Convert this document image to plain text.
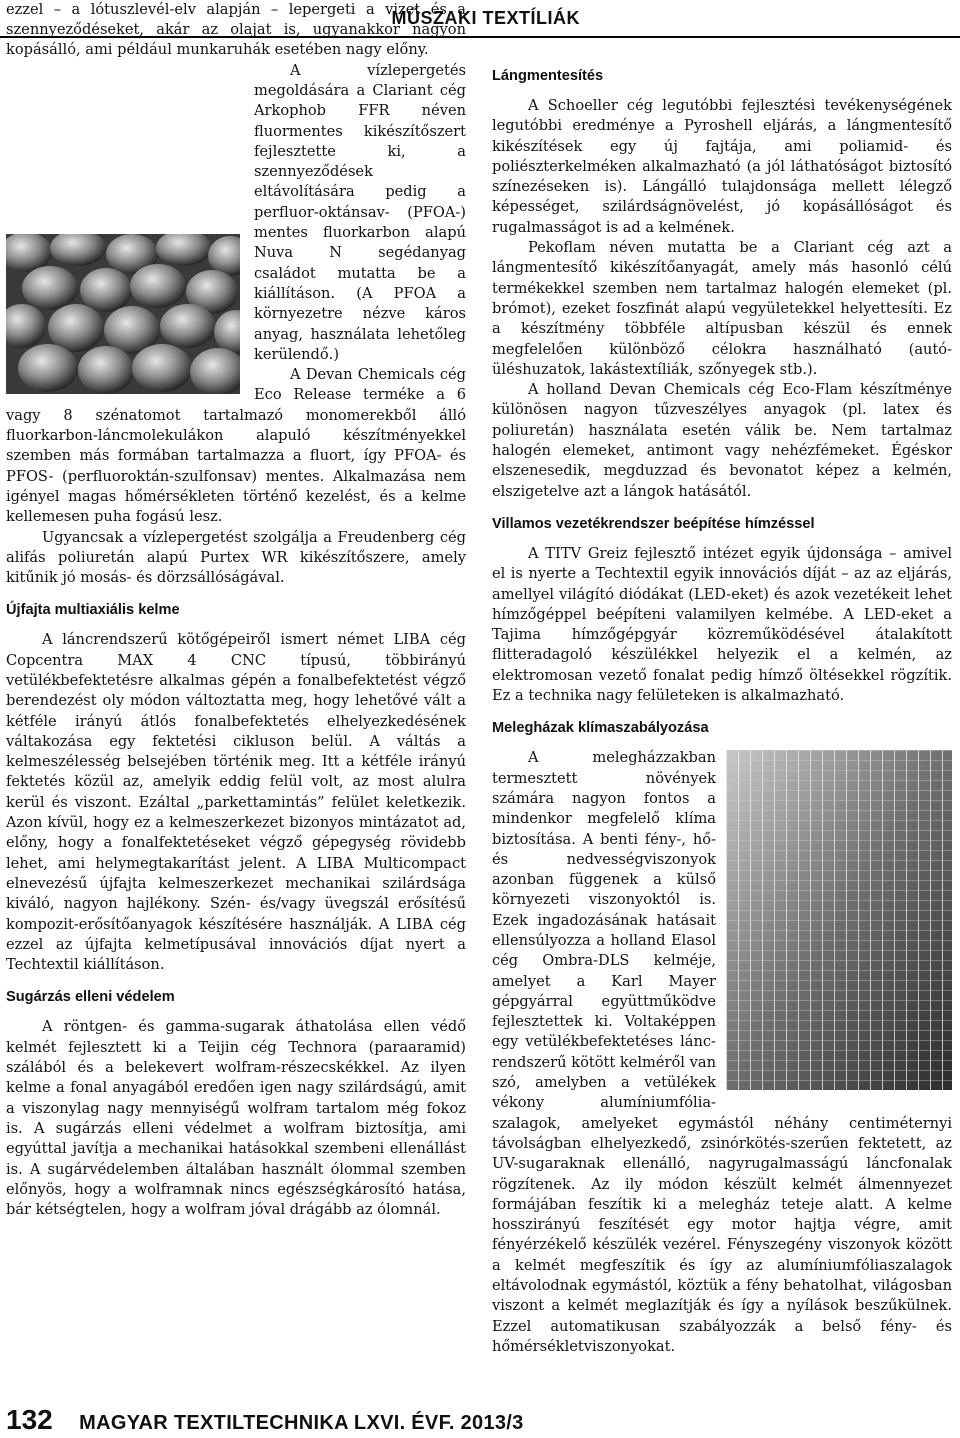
MŰSZAKI TEXTÍLIÁK

ezzel – a lótuszlevél-elv alapján – lepergeti a vizet és a szennyeződéseket, akár az olajat is, ugyanakkor nagyon kopásálló, ami például munkaruhák esetében nagy előny.

A vízlepergetés megoldására a Clariant cég Arkophob FFR néven fluormentes kikészítőszert fejlesztette ki, a szennyeződések eltávolítására pedig a perfluor-oktánsav- (PFOA-) mentes fluorkarbon alapú Nuva N segédanyag családot mutatta be a kiállításon. (A PFOA a környezetre nézve káros anyag, használata lehetőleg kerülendő.)

A Devan Chemicals cég Eco Release terméke a 6 vagy 8 szénatomot tartalmazó monomerekből álló fluorkarbon-láncmolekulákon alapuló készítményekkel szemben más formában tartalmazza a fluort, így PFOA- és PFOS- (perfluoroktán-szulfonsav) mentes. Alkalmazása nem igényel magas hőmérsékleten történő kezelést, és a kelme kellemesen puha fogású lesz.

Ugyancsak a vízlepergetést szolgálja a Freudenberg cég alifás poliuretán alapú Purtex WR kikészítőszere, amely kitűnik jó mosás- és dörzsállóságával.

Újfajta multiaxiális kelme

A láncrendszerű kötőgépeiről ismert német LIBA cég Copcentra MAX 4 CNC típusú, többirányú vetülékbefektetésre alkalmas gépén a fonalbefektetést végző berendezést oly módon változtatta meg, hogy lehetővé vált a kétféle irányú átlós fonalbefektetés elhelyezkedésének váltakozása egy fektetési cikluson belül. A váltás a kelmeszélesség belsejében történik meg. Itt a kétféle irányú fektetés közül az, amelyik eddig felül volt, az most alulra kerül és viszont. Ezáltal „parkettamintás” felület keletkezik. Azon kívül, hogy ez a kelmeszerkezet bizonyos mintázatot ad, előny, hogy a fonalfektetéseket végző gépegység rövidebb lehet, ami helymegtakarítást jelent. A LIBA Multicompact elnevezésű újfajta kelmeszerkezet mechanikai szilárdsága kiváló, nagyon hajlékony. Szén- és/vagy üvegszál erősítésű kompozit-erősítőanyagok készítésére használják. A LIBA cég ezzel az újfajta kelmetípusával innovációs díjat nyert a Techtextil kiállításon.

Sugárzás elleni védelem

A röntgen- és gamma-sugarak áthatolása ellen védő kelmét fejlesztett ki a Teijin cég Technora (paraaramid) szálából és a belekevert wolfram-részecskékkel. Az ilyen kelme a fonal anyagából eredően igen nagy szilárdságú, amit a viszonylag nagy mennyiségű wolfram tartalom még fokoz is. A sugárzás elleni védelmet a wolfram biztosítja, ami egyúttal javítja a mechanikai hatásokkal szembeni ellenállást is. A sugárvédelemben általában használt ólommal szemben előnyös, hogy a wolframnak nincs egészségkárosító hatása, bár kétségtelen, hogy a wolfram jóval drágább az ólomnál.

Lángmentesítés

A Schoeller cég legutóbbi fejlesztési tevékenységének legutóbbi eredménye a Pyroshell eljárás, a lángmentesítő kikészítések egy új fajtája, ami poliamid- és poliészterkelméken alkalmazható (a jól láthatóságot biztosító színezéseken is). Lángálló tulajdonsága mellett lélegző képességet, szilárdságnövelést, jó kopásállóságot és rugalmasságot is ad a kelmének.

Pekoflam néven mutatta be a Clariant cég azt a lángmentesítő kikészítőanyagát, amely más hasonló célú termékekkel szemben nem tartalmaz halogén elemeket (pl. brómot), ezeket foszfinát alapú vegyületekkel helyettesíti. Ez a készítmény többféle altípusban készül és ennek megfelelően különböző célokra használható (autó-üléshuzatok, lakástextíliák, szőnyegek stb.).

A holland Devan Chemicals cég Eco-Flam készítménye különösen nagyon tűzveszélyes anyagok (pl. latex és poliuretán) használata esetén válik be. Nem tartalmaz halogén elemeket, antimont vagy nehézfémeket. Égéskor elszenesedik, megduzzad és bevonatot képez a kelmén, elszigetelve azt a lángok hatásától.

Villamos vezetékrendszer beépítése hímzéssel

A TITV Greiz fejlesztő intézet egyik újdonsága – amivel el is nyerte a Techtextil egyik innovációs díját – az az eljárás, amellyel világító diódákat (LED-eket) és azok vezetékeit lehet hímzőgéppel beépíteni valamilyen kelmébe. A LED-eket a Tajima hímzőgépgyár közreműködésével átalakított flitteradagoló készülékkel helyezik el a kelmén, az elektromosan vezető fonalat pedig hímző öltésekkel rögzítik. Ez a technika nagy felületeken is alkalmazható.

Melegházak klímaszabályozása

A melegházzakban termesztett növények számára nagyon fontos a mindenkor megfelelő klíma biztosítása. A benti fény-, hő- és nedvességviszonyok azonban függenek a külső környezeti viszonyoktól is. Ezek ingadozásának hatásait ellensúlyozza a holland Elasol cég Ombra-DLS kelméje, amelyet a Karl Mayer gépgyárral együttműködve fejlesztettek ki. Voltaképpen egy vetülékbefektetéses lánc-rendszerű kötött kelméről van szó, amelyben a vetülékek vékony alumíniumfólia-szalagok, amelyeket egymástól néhány centiméternyi távolságban elhelyezkedő, zsinórkötés-szerűen fektetett, az UV-sugaraknak ellenálló, nagyrugalmasságú láncfonalak rögzítenek. Az ily módon készült kelmét álmennyezet formájában feszítik ki a melegház teteje alatt. A kelme hosszirányú feszítését egy motor hajtja végre, amit fényérzékelő készülék vezérel. Fényszegény viszonyok között a kelmét megfeszítik és így az alumíniumfóliaszalagok eltávolodnak egymástól, köztük a fény behatolhat, világosban viszont a kelmét meglazítják és így a nyílások beszűkülnek. Ezzel automatikusan szabályozzák a belső fény- és hőmérsékletviszonyokat.

132 MAGYAR TEXTILTECHNIKA LXVI. ÉVF. 2013/3
